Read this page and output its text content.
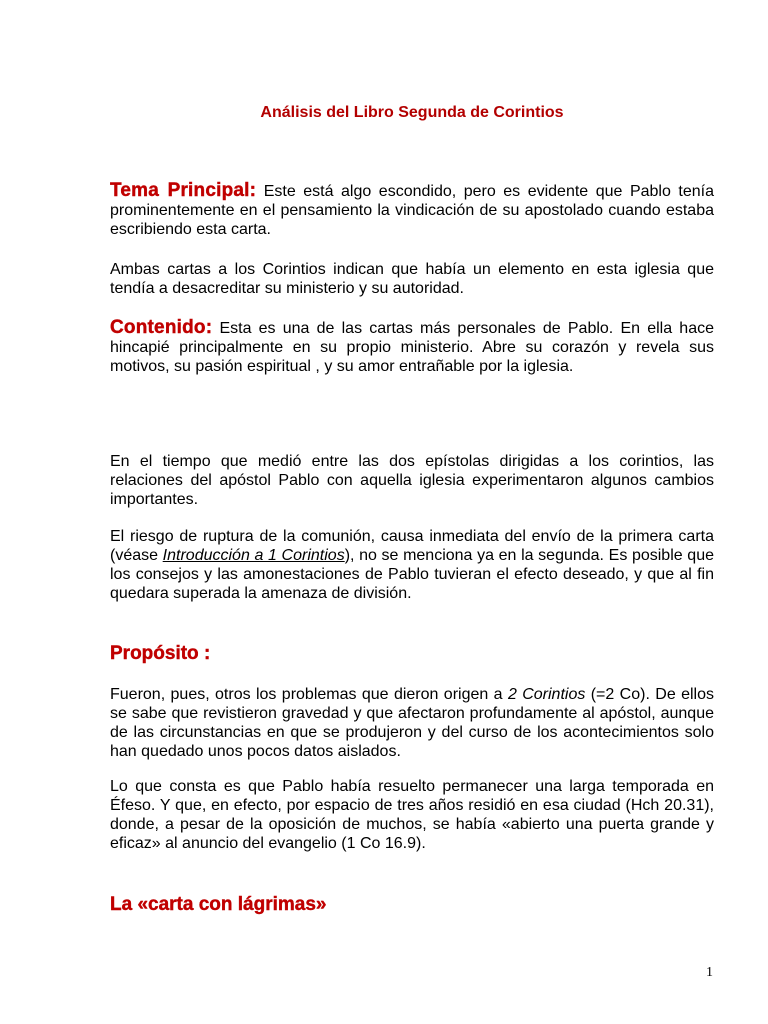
Análisis del Libro Segunda de Corintios
Tema Principal: Este está algo escondido, pero es evidente que Pablo tenía prominentemente en el pensamiento la vindicación de su apostolado cuando estaba escribiendo esta carta.
Ambas cartas a los Corintios indican que había un elemento en esta iglesia que tendía a desacreditar su ministerio y su autoridad.
Contenido: Esta es una de las cartas más personales de Pablo. En ella hace hincapié principalmente en su propio ministerio. Abre su corazón y revela sus motivos, su pasión espiritual , y su amor entrañable por la iglesia.
En el tiempo que medió entre las dos epístolas dirigidas a los corintios, las relaciones del apóstol Pablo con aquella iglesia experimentaron algunos cambios importantes.
El riesgo de ruptura de la comunión, causa inmediata del envío de la primera carta (véase Introducción a 1 Corintios), no se menciona ya en la segunda. Es posible que los consejos y las amonestaciones de Pablo tuvieran el efecto deseado, y que al fin quedara superada la amenaza de división.
Propósito :
Fueron, pues, otros los problemas que dieron origen a 2 Corintios (=2 Co). De ellos se sabe que revistieron gravedad y que afectaron profundamente al apóstol, aunque de las circunstancias en que se produjeron y del curso de los acontecimientos solo han quedado unos pocos datos aislados.
Lo que consta es que Pablo había resuelto permanecer una larga temporada en Éfeso. Y que, en efecto, por espacio de tres años residió en esa ciudad (Hch 20.31), donde, a pesar de la oposición de muchos, se había «abierto una puerta grande y eficaz» al anuncio del evangelio (1 Co 16.9).
La «carta con lágrimas»
1
